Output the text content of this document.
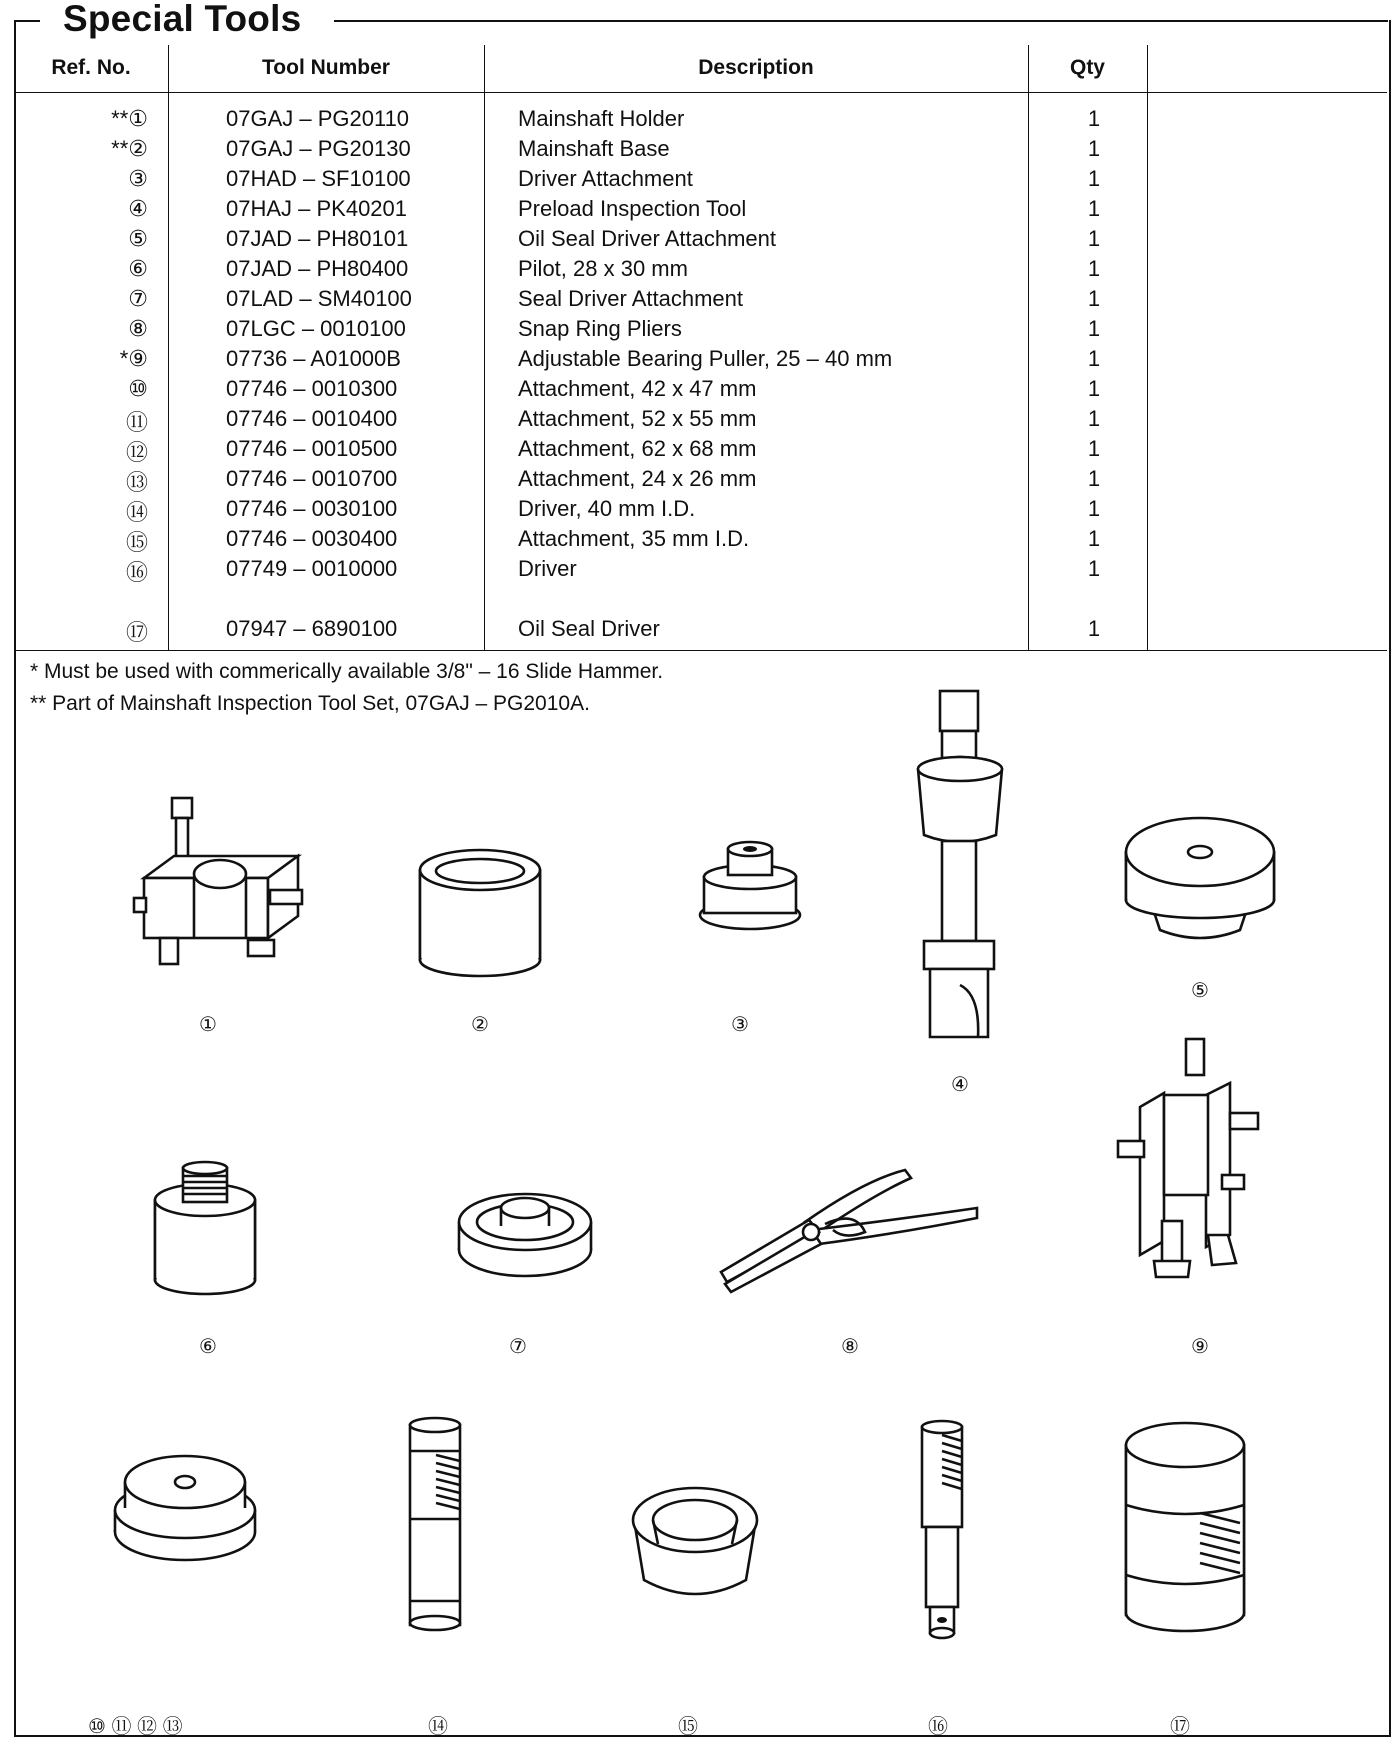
Special Tools
Ref. No.	Tool Number	Description	Qty
**①	07GAJ – PG20110	Mainshaft Holder	1
**②	07GAJ – PG20130	Mainshaft Base	1
③	07HAD – SF10100	Driver Attachment	1
④	07HAJ – PK40201	Preload Inspection Tool	1
⑤	07JAD – PH80101	Oil Seal Driver Attachment	1
⑥	07JAD – PH80400	Pilot, 28 x 30 mm	1
⑦	07LAD – SM40100	Seal Driver Attachment	1
⑧	07LGC – 0010100	Snap Ring Pliers	1
*⑨	07736 – A01000B	Adjustable Bearing Puller, 25 – 40 mm	1
⑩	07746 – 0010300	Attachment, 42 x 47 mm	1
⑪	07746 – 0010400	Attachment, 52 x 55 mm	1
⑫	07746 – 0010500	Attachment, 62 x 68 mm	1
⑬	07746 – 0010700	Attachment, 24 x 26 mm	1
⑭	07746 – 0030100	Driver, 40 mm I.D.	1
⑮	07746 – 0030400	Attachment, 35 mm I.D.	1
⑯	07749 – 0010000	Driver	1
⑰	07947 – 6890100	Oil Seal Driver	1
* Must be used with commerically available 3/8" – 16 Slide Hammer.
** Part of Mainshaft Inspection Tool Set, 07GAJ – PG2010A.
①	②	③
④
⑤
⑥	⑦	⑧	⑨
⑩ ⑪ ⑫ ⑬	⑭	⑮	⑯	⑰
